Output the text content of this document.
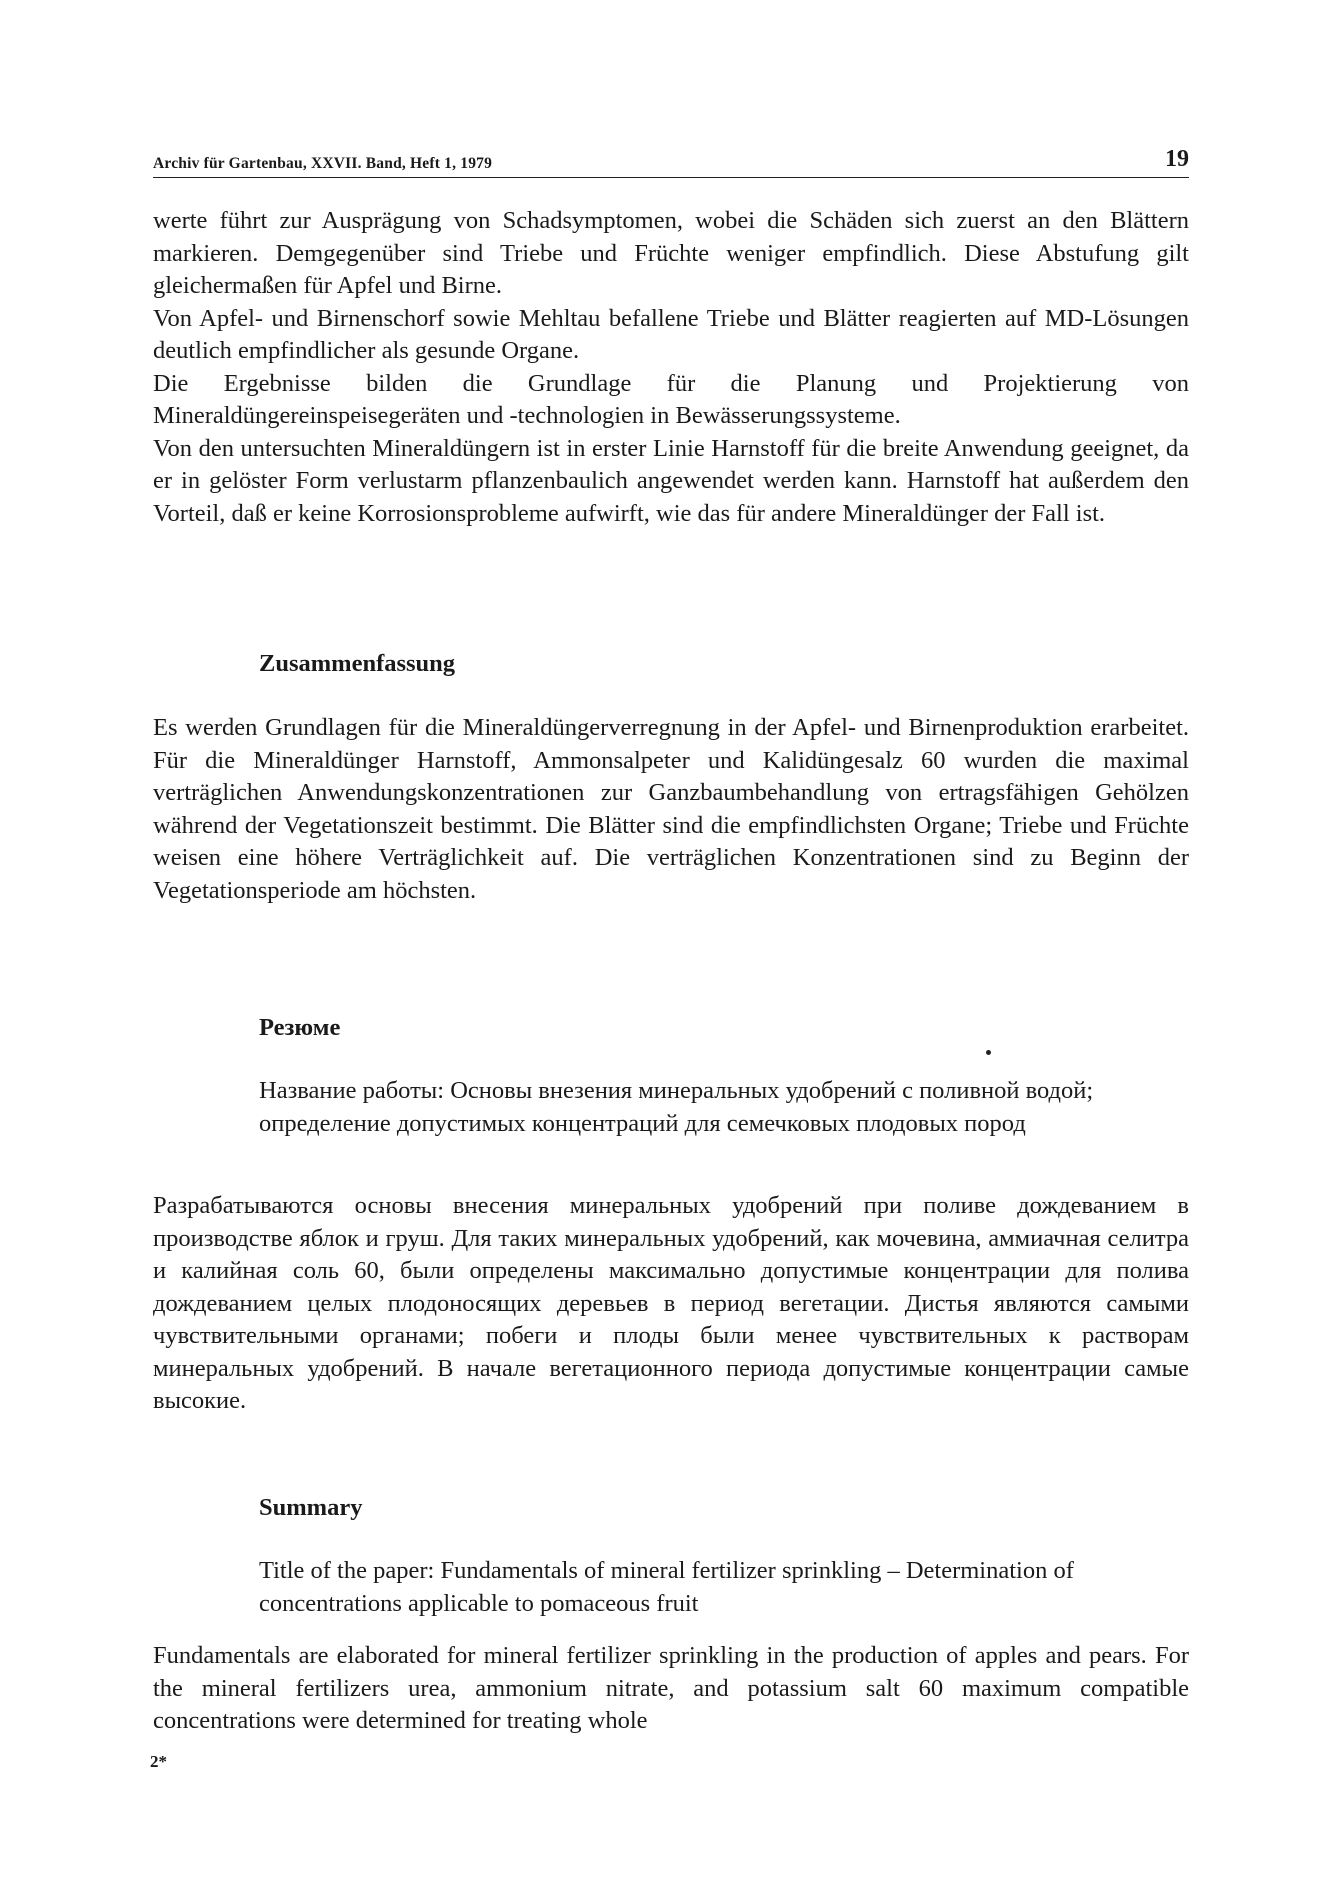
Archiv für Gartenbau, XXVII. Band, Heft 1, 1979	19

werte führt zur Ausprägung von Schadsymptomen, wobei die Schäden sich zuerst an den Blättern markieren. Demgegenüber sind Triebe und Früchte weniger empfindlich. Diese Abstufung gilt gleichermaßen für Apfel und Birne.

Von Apfel- und Birnenschorf sowie Mehltau befallene Triebe und Blätter reagierten auf MD-Lösungen deutlich empfindlicher als gesunde Organe.

Die Ergebnisse bilden die Grundlage für die Planung und Projektierung von Mineraldüngereinspeisegeräten und -technologien in Bewässerungssysteme.

Von den untersuchten Mineraldüngern ist in erster Linie Harnstoff für die breite Anwendung geeignet, da er in gelöster Form verlustarm pflanzenbaulich angewendet werden kann. Harnstoff hat außerdem den Vorteil, daß er keine Korrosionsprobleme aufwirft, wie das für andere Mineraldünger der Fall ist.

Zusammenfassung

Es werden Grundlagen für die Mineraldüngerverregnung in der Apfel- und Birnenproduktion erarbeitet. Für die Mineraldünger Harnstoff, Ammonsalpeter und Kalidüngesalz 60 wurden die maximal verträglichen Anwendungskonzentrationen zur Ganzbaumbehandlung von ertragsfähigen Gehölzen während der Vegetationszeit bestimmt. Die Blätter sind die empfindlichsten Organe; Triebe und Früchte weisen eine höhere Verträglichkeit auf. Die verträglichen Konzentrationen sind zu Beginn der Vegetationsperiode am höchsten.

Резюме

Название работы: Основы внезения минеральных удобрений с поливной водой; определение допустимых концентраций для семечковых плодовых пород

Разрабатываются основы внесения минеральных удобрений при поливе дождеванием в производстве яблок и груш. Для таких минеральных удобрений, как мочевина, аммиачная селитра и калийная соль 60, были определены максимально допустимые концентрации для полива дождеванием целых плодоносящих деревьев в период вегетации. Дистья являются самыми чувствительными органами; побеги и плоды были менее чувствительных к растворам минеральных удобрений. В начале вегетационного периода допустимые концентрации самые высокие.

Summary

Title of the paper: Fundamentals of mineral fertilizer sprinkling – Determination of concentrations applicable to pomaceous fruit

Fundamentals are elaborated for mineral fertilizer sprinkling in the production of apples and pears. For the mineral fertilizers urea, ammonium nitrate, and potassium salt 60 maximum compatible concentrations were determined for treating whole

2*
